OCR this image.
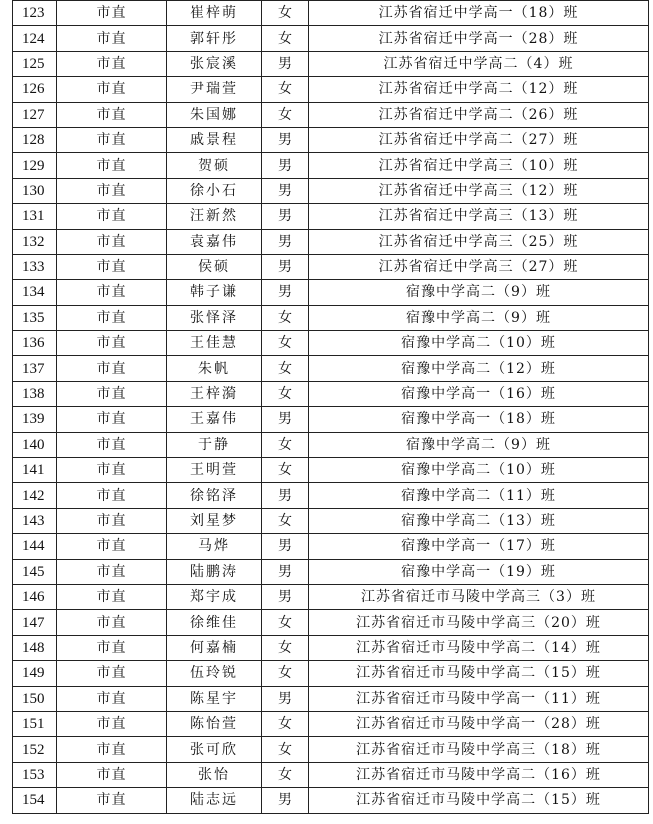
123	市直	崔梓萌	女	江苏省宿迁中学高一（18）班
124	市直	郭轩彤	女	江苏省宿迁中学高一（28）班
125	市直	张宸溪	男	江苏省宿迁中学高二（4）班
126	市直	尹瑞萱	女	江苏省宿迁中学高二（12）班
127	市直	朱国娜	女	江苏省宿迁中学高二（26）班
128	市直	戚景程	男	江苏省宿迁中学高二（27）班
129	市直	贺硕	男	江苏省宿迁中学高三（10）班
130	市直	徐小石	男	江苏省宿迁中学高三（12）班
131	市直	汪新然	男	江苏省宿迁中学高三（13）班
132	市直	袁嘉伟	男	江苏省宿迁中学高三（25）班
133	市直	侯硕	男	江苏省宿迁中学高三（27）班
134	市直	韩子谦	男	宿豫中学高二（9）班
135	市直	张怿泽	女	宿豫中学高二（9）班
136	市直	王佳慧	女	宿豫中学高二（10）班
137	市直	朱帆	女	宿豫中学高二（12）班
138	市直	王梓漪	女	宿豫中学高一（16）班
139	市直	王嘉伟	男	宿豫中学高一（18）班
140	市直	于静	女	宿豫中学高二（9）班
141	市直	王明萱	女	宿豫中学高二（10）班
142	市直	徐铭泽	男	宿豫中学高二（11）班
143	市直	刘星梦	女	宿豫中学高二（13）班
144	市直	马烨	男	宿豫中学高一（17）班
145	市直	陆鹏涛	男	宿豫中学高一（19）班
146	市直	郑宇成	男	江苏省宿迁市马陵中学高三（3）班
147	市直	徐维佳	女	江苏省宿迁市马陵中学高三（20）班
148	市直	何嘉楠	女	江苏省宿迁市马陵中学高二（14）班
149	市直	伍玲锐	女	江苏省宿迁市马陵中学高二（15）班
150	市直	陈星宇	男	江苏省宿迁市马陵中学高一（11）班
151	市直	陈怡萱	女	江苏省宿迁市马陵中学高一（28）班
152	市直	张可欣	女	江苏省宿迁市马陵中学高三（18）班
153	市直	张怡	女	江苏省宿迁市马陵中学高二（16）班
154	市直	陆志远	男	江苏省宿迁市马陵中学高二（15）班
